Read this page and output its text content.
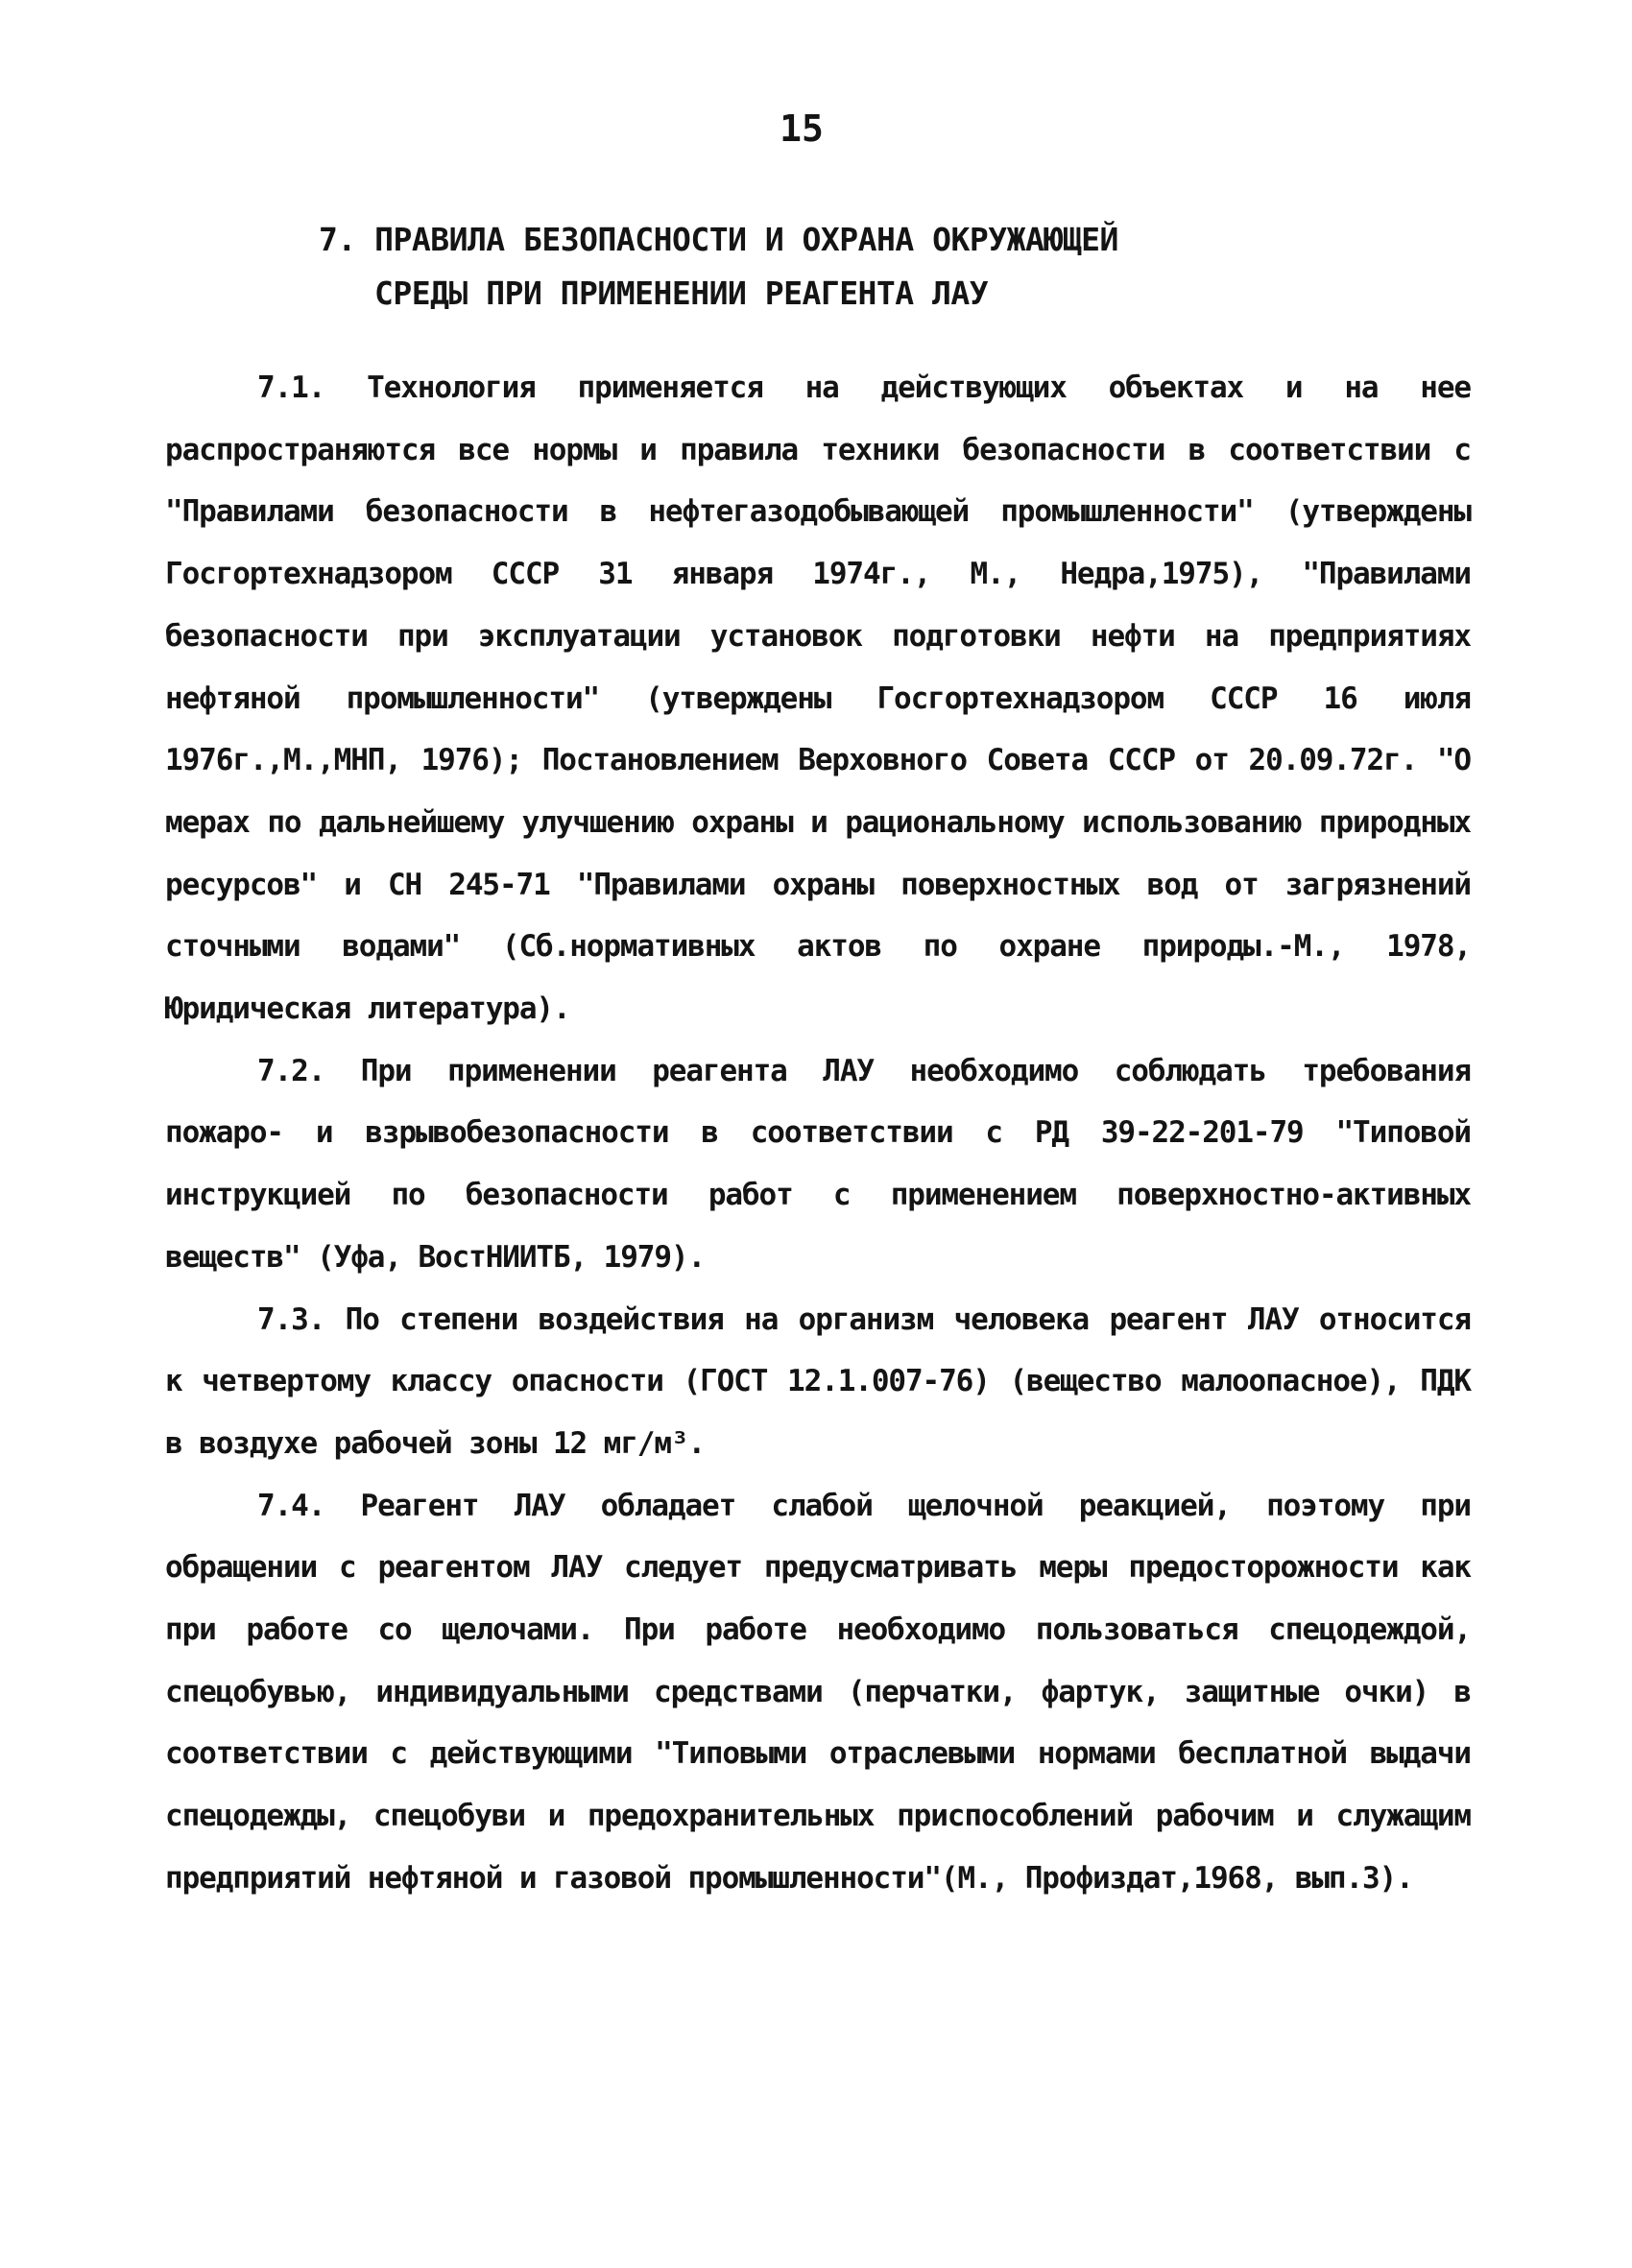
15
7. ПРАВИЛА БЕЗОПАСНОСТИ И ОХРАНА ОКРУЖАЮЩЕЙ
СРЕДЫ ПРИ ПРИМЕНЕНИИ РЕАГЕНТА ЛАУ

7.1. Технология применяется на действующих объектах и на нее распространяются все нормы и правила техники безопасности в соответствии с "Правилами безопасности в нефтегазодобывающей промышленности" (утверждены Госгортехнадзором СССР 31 января 1974г., М., Недра,1975), "Правилами безопасности при эксплуатации установок подготовки нефти на предприятиях нефтяной промышленности" (утверждены Госгортехнадзором СССР 16 июля 1976г.,М.,МНП, 1976); Постановлением Верховного Совета СССР от 20.09.72г. "О мерах по дальнейшему улучшению охраны и рациональному использованию природных ресурсов" и СН 245-71 "Правилами охраны поверхностных вод от загрязнений сточными водами" (Сб.нормативных актов по охране природы.-М., 1978, Юридическая литература).

7.2. При применении реагента ЛАУ необходимо соблюдать требования пожаро- и взрывобезопасности в соответствии с РД 39-22-201-79 "Типовой инструкцией по безопасности работ с применением поверхностно-активных веществ" (Уфа, ВостНИИТБ, 1979).

7.3. По степени воздействия на организм человека реагент ЛАУ относится к четвертому классу опасности (ГОСТ 12.1.007-76) (вещество малоопасное), ПДК в воздухе рабочей зоны 12 мг/м³.

7.4. Реагент ЛАУ обладает слабой щелочной реакцией, поэтому при обращении с реагентом ЛАУ следует предусматривать меры предосторожности как при работе со щелочами. При работе необходимо пользоваться спецодеждой, спецобувью, индивидуальными средствами (перчатки, фартук, защитные очки) в соответствии с действующими "Типовыми отраслевыми нормами бесплатной выдачи спецодежды, спецобуви и предохранительных приспособлений рабочим и служащим предприятий нефтяной и газовой промышленности"(М., Профиздат,1968, вып.3).
